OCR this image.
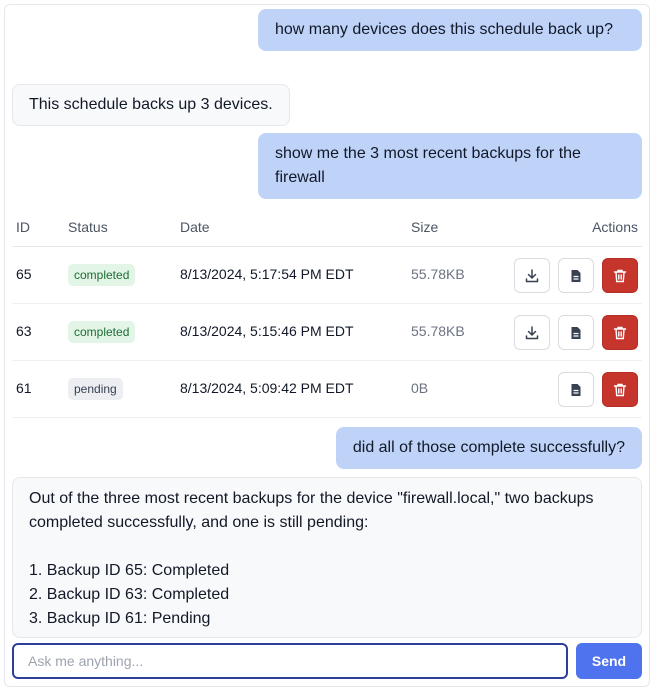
how many devices does this schedule back up?
This schedule backs up 3 devices.
show me the 3 most recent backups for the firewall
ID	Status	Date	Size	Actions
65	completed	8/13/2024, 5:17:54 PM EDT	55.78KB
63	completed	8/13/2024, 5:15:46 PM EDT	55.78KB
61	pending	8/13/2024, 5:09:42 PM EDT	0B
did all of those complete successfully?
Out of the three most recent backups for the device "firewall.local," two backups completed successfully, and one is still pending:
1. Backup ID 65: Completed
2. Backup ID 63: Completed
3. Backup ID 61: Pending
Ask me anything...
Send
